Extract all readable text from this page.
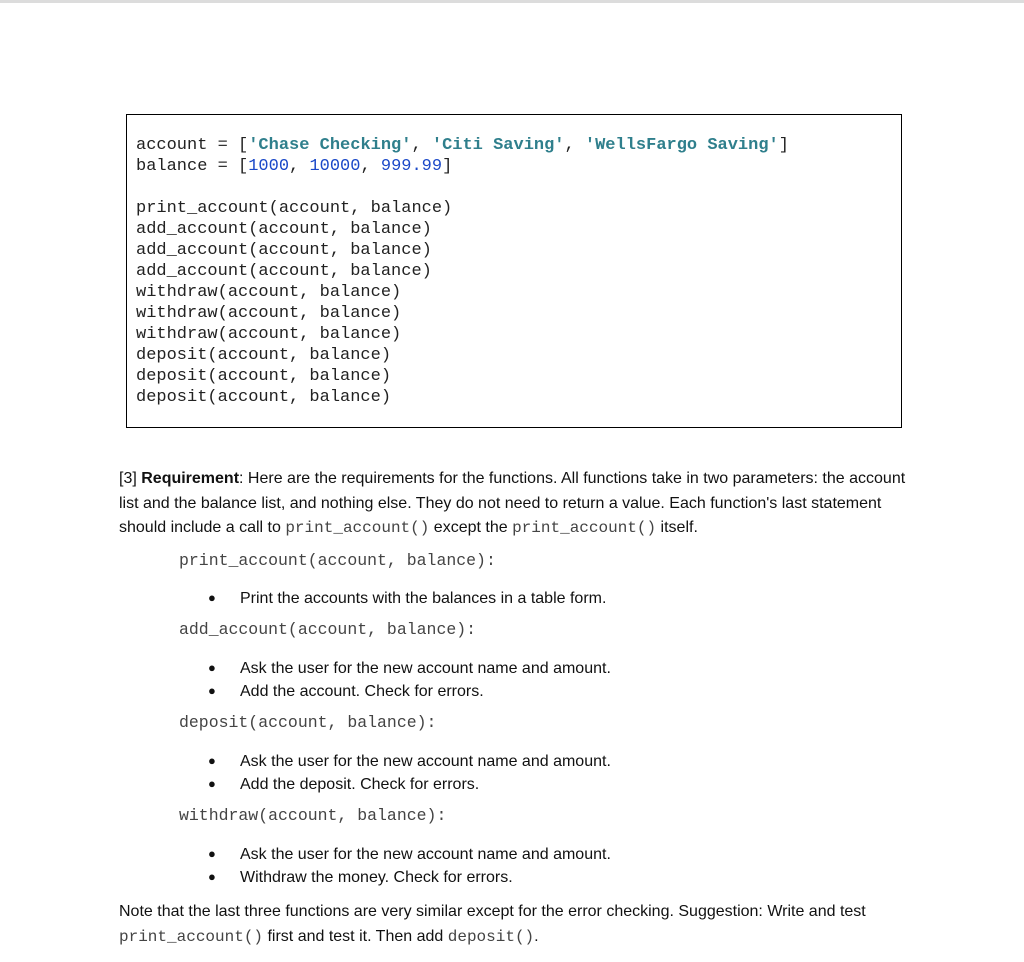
account = ['Chase Checking', 'Citi Saving', 'WellsFargo Saving']
balance = [1000, 10000, 999.99]
print_account(account, balance)
add_account(account, balance)
add_account(account, balance)
add_account(account, balance)
withdraw(account, balance)
withdraw(account, balance)
withdraw(account, balance)
deposit(account, balance)
deposit(account, balance)
deposit(account, balance)
[3] Requirement: Here are the requirements for the functions. All functions take in two parameters: the account list and the balance list, and nothing else. They do not need to return a value. Each function's last statement should include a call to print_account() except the print_account() itself.
print_account(account, balance):
● Print the accounts with the balances in a table form.
add_account(account, balance):
● Ask the user for the new account name and amount.
● Add the account. Check for errors.
deposit(account, balance):
● Ask the user for the new account name and amount.
● Add the deposit. Check for errors.
withdraw(account, balance):
● Ask the user for the new account name and amount.
● Withdraw the money. Check for errors.
Note that the last three functions are very similar except for the error checking. Suggestion: Write and test print_account() first and test it. Then add deposit().
